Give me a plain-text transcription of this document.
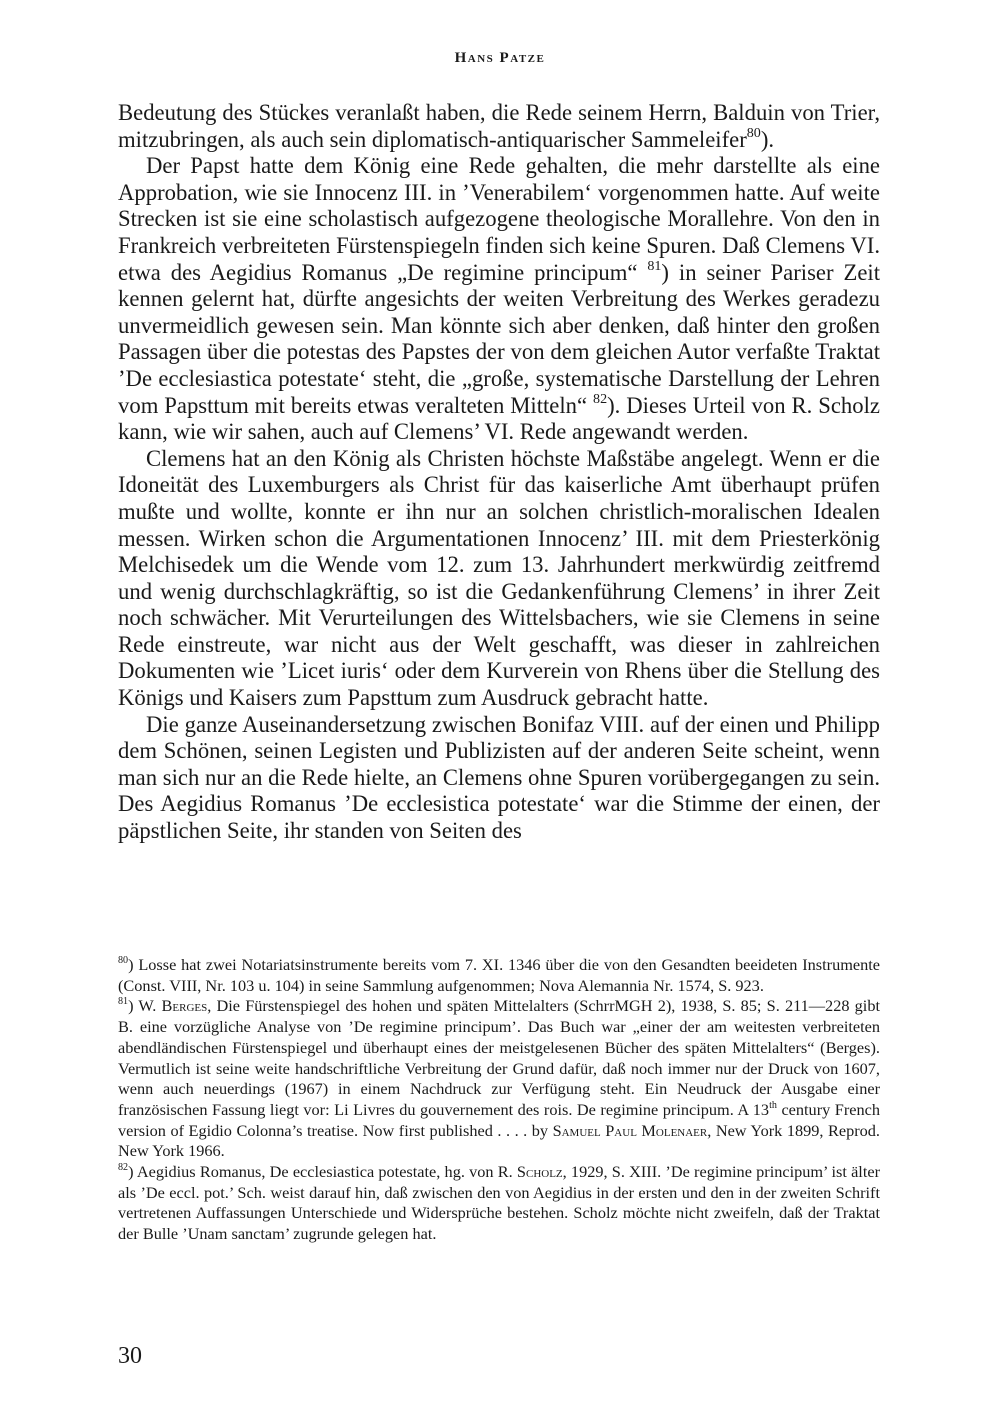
Hans Patze

Bedeutung des Stückes veranlaßt haben, die Rede seinem Herrn, Balduin von Trier, mitzubringen, als auch sein diplomatisch-antiquarischer Sammeleifer$^{80}$).

Der Papst hatte dem König eine Rede gehalten, die mehr darstellte als eine Approbation, wie sie Innocenz III. in ’Venerabilem‘ vorgenommen hatte. Auf weite Strecken ist sie eine scholastisch aufgezogene theologische Morallehre. Von den in Frankreich verbreiteten Fürstenspiegeln finden sich keine Spuren. Daß Clemens VI. etwa des Aegidius Romanus „De regimine principum“ $^{81}$) in seiner Pariser Zeit kennen gelernt hat, dürfte angesichts der weiten Verbreitung des Werkes geradezu unvermeidlich gewesen sein. Man könnte sich aber denken, daß hinter den großen Passagen über die potestas des Papstes der von dem gleichen Autor verfaßte Traktat ’De ecclesiastica potestate‘ steht, die „große, systematische Darstellung der Lehren vom Papsttum mit bereits etwas veralteten Mitteln“ $^{82}$). Dieses Urteil von R. Scholz kann, wie wir sahen, auch auf Clemens’ VI. Rede angewandt werden.

Clemens hat an den König als Christen höchste Maßstäbe angelegt. Wenn er die Idoneität des Luxemburgers als Christ für das kaiserliche Amt überhaupt prüfen mußte und wollte, konnte er ihn nur an solchen christlich-moralischen Idealen messen. Wirken schon die Argumentationen Innocenz’ III. mit dem Priesterkönig Melchisedek um die Wende vom 12. zum 13. Jahrhundert merkwürdig zeitfremd und wenig durchschlagkräftig, so ist die Gedankenführung Clemens’ in ihrer Zeit noch schwächer. Mit Verurteilungen des Wittelsbachers, wie sie Clemens in seine Rede einstreute, war nicht aus der Welt geschafft, was dieser in zahlreichen Dokumenten wie ’Licet iuris‘ oder dem Kurverein von Rhens über die Stellung des Königs und Kaisers zum Papsttum zum Ausdruck gebracht hatte.

Die ganze Auseinandersetzung zwischen Bonifaz VIII. auf der einen und Philipp dem Schönen, seinen Legisten und Publizisten auf der anderen Seite scheint, wenn man sich nur an die Rede hielte, an Clemens ohne Spuren vorübergegangen zu sein. Des Aegidius Romanus ’De ecclesistica potestate‘ war die Stimme der einen, der päpstlichen Seite, ihr standen von Seiten des

$^{80}$) Losse hat zwei Notariatsinstrumente bereits vom 7. XI. 1346 über die von den Gesandten beeideten Instrumente (Const. VIII, Nr. 103 u. 104) in seine Sammlung aufgenommen; Nova Alemannia Nr. 1574, S. 923.

$^{81}$) W. Berges, Die Fürstenspiegel des hohen und späten Mittelalters (SchrrMGH 2), 1938, S. 85; S. 211—228 gibt B. eine vorzügliche Analyse von ’De regimine principum’. Das Buch war „einer der am weitesten verbreiteten abendländischen Fürstenspiegel und überhaupt eines der meistgelesenen Bücher des späten Mittelalters“ (Berges). Vermutlich ist seine weite handschriftliche Verbreitung der Grund dafür, daß noch immer nur der Druck von 1607, wenn auch neuerdings (1967) in einem Nachdruck zur Verfügung steht. Ein Neudruck der Ausgabe einer französischen Fassung liegt vor: Li Livres du gouvernement des rois. De regimine principum. A 13th century French version of Egidio Colonna’s treatise. Now first published . . . . by Samuel Paul Molenaer, New York 1899, Reprod. New York 1966.

$^{82}$) Aegidius Romanus, De ecclesiastica potestate, hg. von R. Scholz, 1929, S. XIII. ’De regimine principum’ ist älter als ’De eccl. pot.’ Sch. weist darauf hin, daß zwischen den von Aegidius in der ersten und den in der zweiten Schrift vertretenen Auffassungen Unterschiede und Widersprüche bestehen. Scholz möchte nicht zweifeln, daß der Traktat der Bulle ’Unam sanctam’ zugrunde gelegen hat.

30
